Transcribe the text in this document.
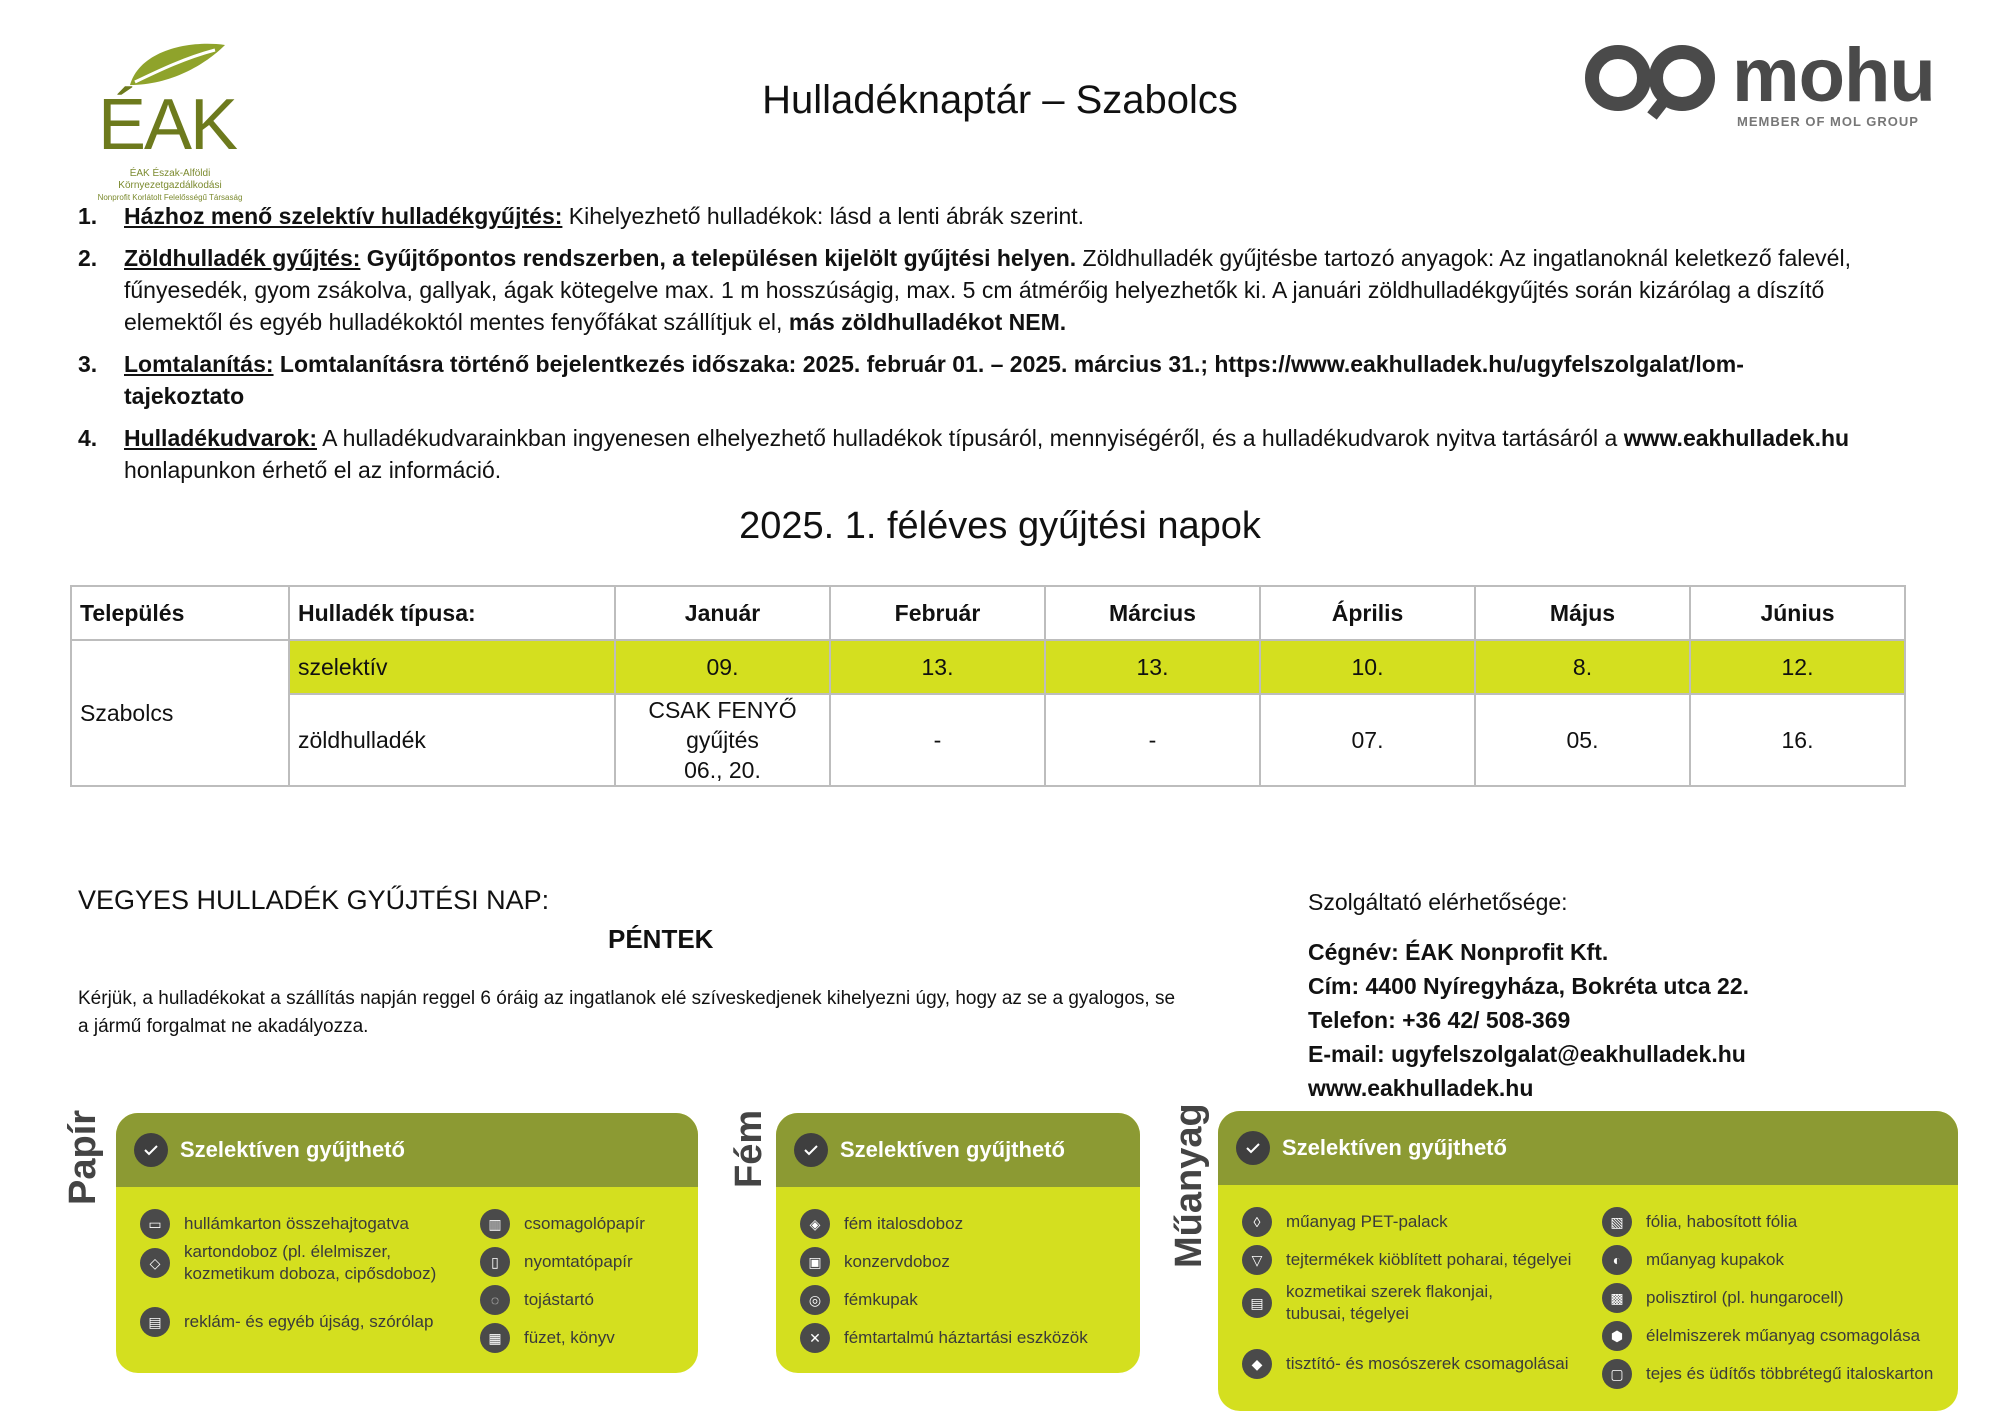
ÉAK
ÉAK Észak-Alföldi
Környezetgazdálkodási
Nonprofit Korlátolt Felelősségű Társaság
Hulladéknaptár – Szabolcs	mohu
MEMBER OF MOL GROUP
1.	Házhoz menő szelektív hulladékgyűjtés: Kihelyezhető hulladékok: lásd a lenti ábrák szerint.
2.	Zöldhulladék gyűjtés: Gyűjtőpontos rendszerben, a településen kijelölt gyűjtési helyen. Zöldhulladék gyűjtésbe tartozó anyagok: Az ingatlanoknál keletkező falevél, fűnyesedék, gyom zsákolva, gallyak, ágak kötegelve max. 1 m hosszúságig, max. 5 cm átmérőig helyezhetők ki. A januári zöldhulladékgyűjtés során kizárólag a díszítő elemektől és egyéb hulladékoktól mentes fenyőfákat szállítjuk el, más zöldhulladékot NEM.
3.	Lomtalanítás: Lomtalanításra történő bejelentkezés időszaka: 2025. február 01. – 2025. március 31.; https://www.eakhulladek.hu/ugyfelszolgalat/lom-tajekoztato
4.	Hulladékudvarok: A hulladékudvarainkban ingyenesen elhelyezhető hulladékok típusáról, mennyiségéről, és a hulladékudvarok nyitva tartásáról a www.eakhulladek.hu honlapunkon érhető el az információ.
2025. 1. féléves gyűjtési napok
Település	Hulladék típusa:	Január	Február	Március	Április	Május	Június
Szabolcs	szelektív	09.	13.	13.	10.	8.	12.
	zöldhulladék	CSAK FENYŐ
gyűjtés
06., 20.	-	-	07.	05.	16.
VEGYES HULLADÉK GYŰJTÉSI NAP:
PÉNTEK
Kérjük, a hulladékokat a szállítás napján reggel 6 óráig az ingatlanok elé szíveskedjenek kihelyezni úgy, hogy az se a gyalogos, se a jármű forgalmat ne akadályozza.
Szolgáltató elérhetősége:
Cégnév: ÉAK Nonprofit Kft.
Cím: 4400 Nyíregyháza, Bokréta utca 22.
Telefon: +36 42/ 508-369
E-mail: ugyfelszolgalat@eakhulladek.hu
www.eakhulladek.hu
Papír	Szelektíven gyűjthető
▭	hullámkarton összehajtogatva
◇
kartondoboz (pl. élelmiszer,
kozmetikum doboza, cipősdoboz)
▤	reklám- és egyéb újság, szórólap
▥	csomagolópapír
▯	nyomtatópapír
◌	tojástartó
▦	füzet, könyv
Fém	Szelektíven gyűjthető
◈	fém italosdoboz
▣	konzervdoboz
◎	fémkupak
✕	fémtartalmú háztartási eszközök
Műanyag	Szelektíven gyűjthető
◊	műanyag PET-palack
▽	tejtermékek kiöblített poharai, tégelyei
▤
kozmetikai szerek flakonjai,
tubusai, tégelyei
◆	tisztító- és mosószerek csomagolásai
▧	fólia, habosított fólia
◐	műanyag kupakok
▩	polisztirol (pl. hungarocell)
⬢	élelmiszerek műanyag csomagolása
▢	tejes és üdítős többrétegű italoskarton
